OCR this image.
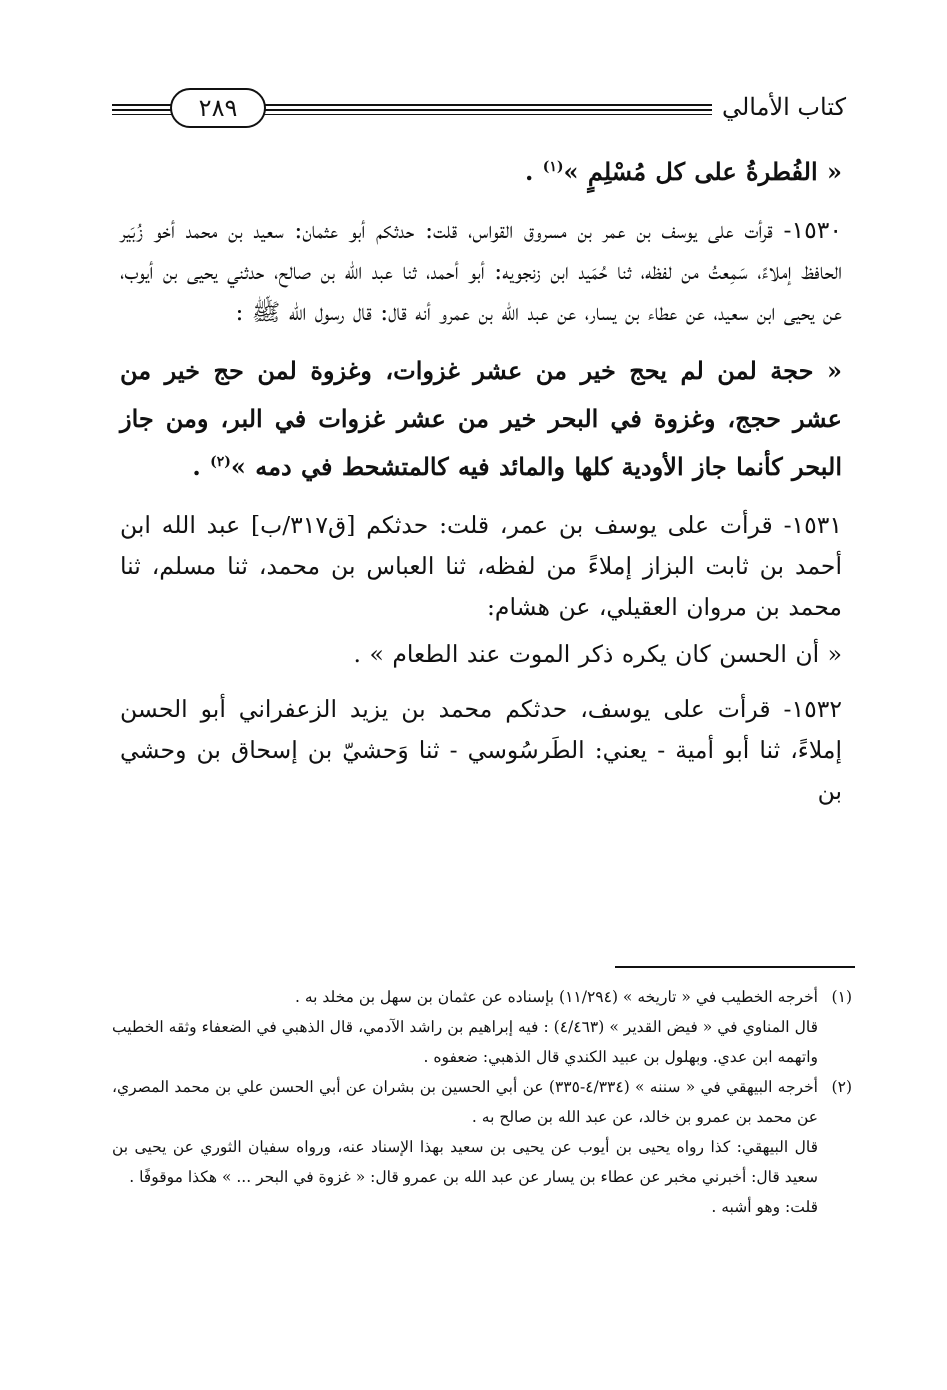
كتاب الأمالي
٢٨٩

« الفُطرةُ على كل مُسْلِمٍ »$^{(١)}$ .

١٥٣٠- قرأت على يوسف بن عمر بن مسروق القواس، قلت: حدثكم أبو عثمان: سعيد بن محمد أخو زُبَير الحافظ إملاءً، سَمِعتُ من لفظه، ثنا حُمَيد ابن زنجويه: أبو أحمد، ثنا عبد الله بن صالح، حدثني يحيى بن أيوب، عن يحيى ابن سعيد، عن عطاء بن يسار، عن عبد الله بن عمرو أنه قال: قال رسول الله ﷺ :

« حجة لمن لم يحج خير من عشر غزوات، وغزوة لمن حج خير من عشر حجج، وغزوة في البحر خير من عشر غزوات في البر، ومن جاز البحر كأنما جاز الأودية كلها والمائد فيه كالمتشحط في دمه »$^{(٢)}$ .

١٥٣١- قرأت على يوسف بن عمر، قلت: حدثكم [ق٣١٧/ب] عبد الله ابن أحمد بن ثابت البزاز إملاءً من لفظه، ثنا العباس بن محمد، ثنا مسلم، ثنا محمد بن مروان العقيلي، عن هشام:

« أن الحسن كان يكره ذكر الموت عند الطعام » .

١٥٣٢- قرأت على يوسف، حدثكم محمد بن يزيد الزعفراني أبو الحسن إملاءً، ثنا أبو أمية - يعني: الطَرسُوسي - ثنا وَحشيّ بن إسحاق بن وحشي بن

(١)
أخرجه الخطيب في « تاريخه » (١١/٢٩٤) بإسناده عن عثمان بن سهل بن مخلد به .
قال المناوي في « فيض القدير » (٤/٤٦٣) : فيه إبراهيم بن راشد الآدمي، قال الذهبي في الضعفاء وثقه الخطيب واتهمه ابن عدي. وبهلول بن عبيد الكندي قال الذهبي: ضعفوه .
(٢)
أخرجه البيهقي في « سننه » (٤/٣٣٤-٣٣٥) عن أبي الحسين بن بشران عن أبي الحسن علي بن محمد المصري، عن محمد بن عمرو بن خالد، عن عبد الله بن صالح به .
قال البيهقي: كذا رواه يحيى بن أيوب عن يحيى بن سعيد بهذا الإسناد عنه، ورواه سفيان الثوري عن يحيى بن سعيد قال: أخبرني مخبر عن عطاء بن يسار عن عبد الله بن عمرو قال: « غزوة في البحر ... » هكذا موقوفًا .
قلت: وهو أشبه .
